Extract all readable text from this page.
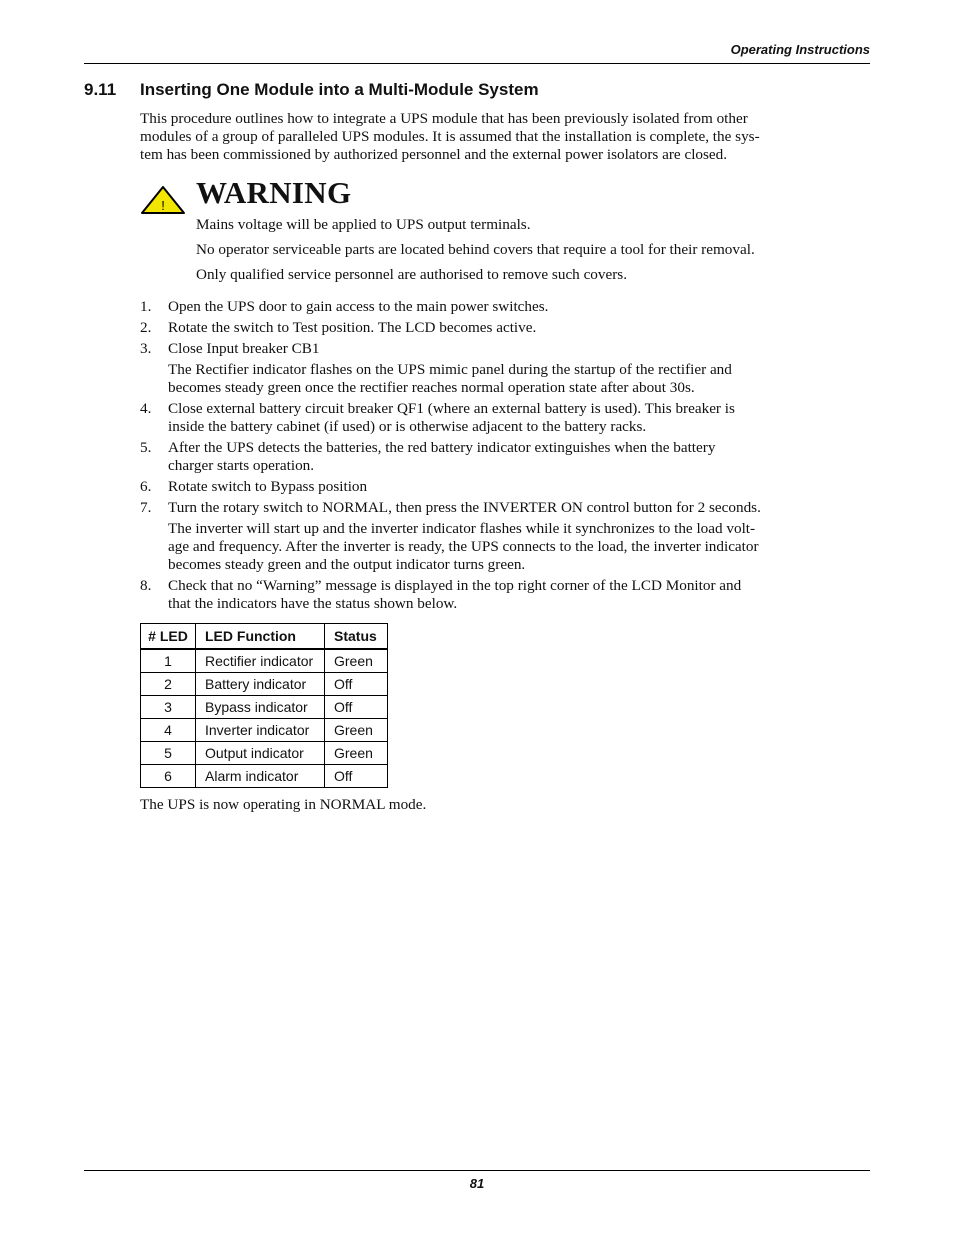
Operating Instructions
9.11 Inserting One Module into a Multi-Module System
This procedure outlines how to integrate a UPS module that has been previously isolated from other
modules of a group of paralleled UPS modules. It is assumed that the installation is complete, the sys-
tem has been commissioned by authorized personnel and the external power isolators are closed.
! WARNING
Mains voltage will be applied to UPS output terminals.
No operator serviceable parts are located behind covers that require a tool for their removal.
Only qualified service personnel are authorised to remove such covers.
1. Open the UPS door to gain access to the main power switches.
2. Rotate the switch to Test position. The LCD becomes active.
3. Close Input breaker CB1
The Rectifier indicator flashes on the UPS mimic panel during the startup of the rectifier and
becomes steady green once the rectifier reaches normal operation state after about 30s.
4. Close external battery circuit breaker QF1 (where an external battery is used). This breaker is
inside the battery cabinet (if used) or is otherwise adjacent to the battery racks.
5. After the UPS detects the batteries, the red battery indicator extinguishes when the battery
charger starts operation.
6. Rotate switch to Bypass position
7. Turn the rotary switch to NORMAL, then press the INVERTER ON control button for 2 seconds.
The inverter will start up and the inverter indicator flashes while it synchronizes to the load volt-
age and frequency. After the inverter is ready, the UPS connects to the load, the inverter indicator
becomes steady green and the output indicator turns green.
8. Check that no “Warning” message is displayed in the top right corner of the LCD Monitor and
that the indicators have the status shown below.
# LED	LED Function	Status
1	Rectifier indicator	Green
2	Battery indicator	Off
3	Bypass indicator	Off
4	Inverter indicator	Green
5	Output indicator	Green
6	Alarm indicator	Off
The UPS is now operating in NORMAL mode.
81
